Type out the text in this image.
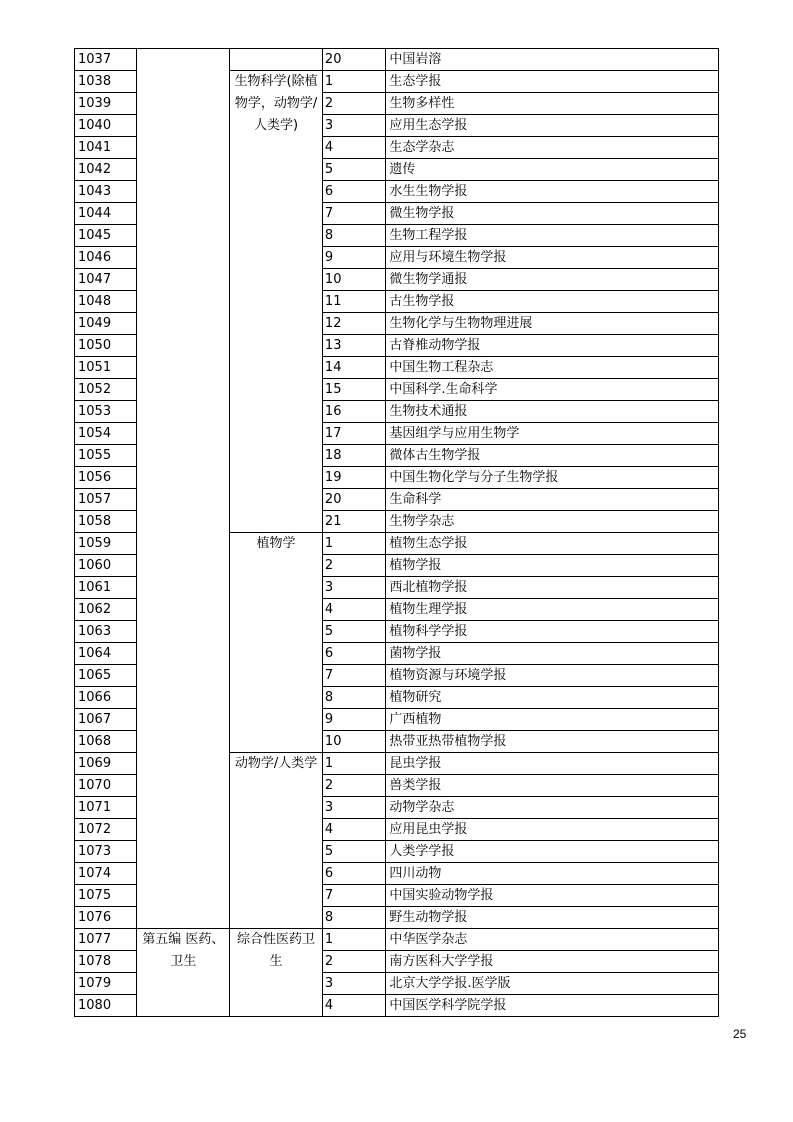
1037			20	中国岩溶
1038		生物科学(除植物学，动物学/人类学)	1	生态学报
1039			2	生物多样性
1040			3	应用生态学报
1041			4	生态学杂志
1042			5	遗传
1043			6	水生生物学报
1044			7	微生物学报
1045			8	生物工程学报
1046			9	应用与环境生物学报
1047			10	微生物学通报
1048			11	古生物学报
1049			12	生物化学与生物物理进展
1050			13	古脊椎动物学报
1051			14	中国生物工程杂志
1052			15	中国科学.生命科学
1053			16	生物技术通报
1054			17	基因组学与应用生物学
1055			18	微体古生物学报
1056			19	中国生物化学与分子生物学报
1057			20	生命科学
1058			21	生物学杂志
1059		植物学	1	植物生态学报
1060			2	植物学报
1061			3	西北植物学报
1062			4	植物生理学报
1063			5	植物科学学报
1064			6	菌物学报
1065			7	植物资源与环境学报
1066			8	植物研究
1067			9	广西植物
1068			10	热带亚热带植物学报
1069		动物学/人类学	1	昆虫学报
1070			2	兽类学报
1071			3	动物学杂志
1072			4	应用昆虫学报
1073			5	人类学学报
1074			6	四川动物
1075			7	中国实验动物学报
1076			8	野生动物学报
1077	第五编 医药、卫生	综合性医药卫生	1	中华医学杂志
1078			2	南方医科大学学报
1079			3	北京大学学报.医学版
1080			4	中国医学科学院学报
25
